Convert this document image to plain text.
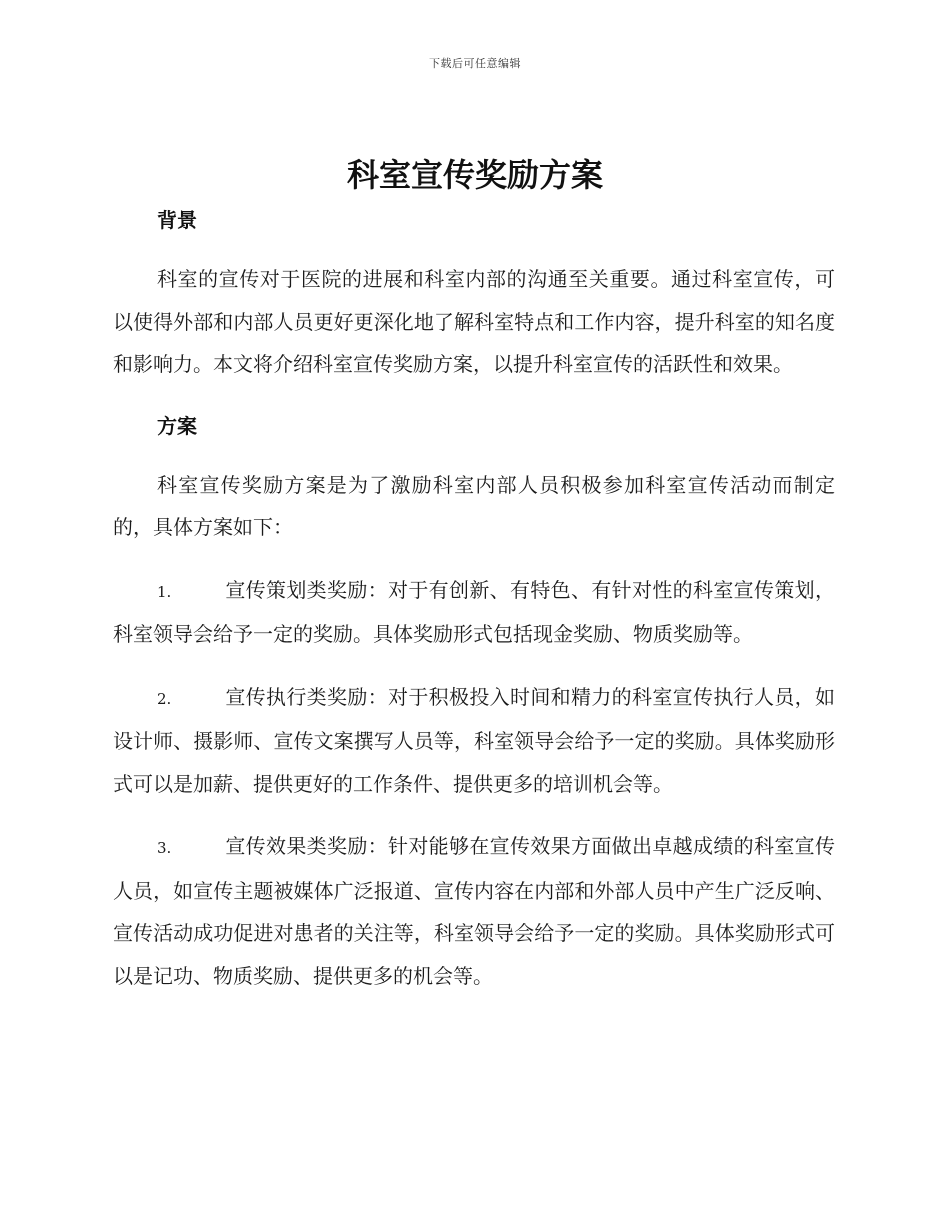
下载后可任意编辑
科室宣传奖励方案
背景

科室的宣传对于医院的进展和科室内部的沟通至关重要。通过科室宣传，可以使得外部和内部人员更好更深化地了解科室特点和工作内容，提升科室的知名度和影响力。本文将介绍科室宣传奖励方案，以提升科室宣传的活跃性和效果。

方案

科室宣传奖励方案是为了激励科室内部人员积极参加科室宣传活动而制定的，具体方案如下：

1.	宣传策划类奖励：对于有创新、有特色、有针对性的科室宣传策划，科室领导会给予一定的奖励。具体奖励形式包括现金奖励、物质奖励等。

2.	宣传执行类奖励：对于积极投入时间和精力的科室宣传执行人员，如设计师、摄影师、宣传文案撰写人员等，科室领导会给予一定的奖励。具体奖励形式可以是加薪、提供更好的工作条件、提供更多的培训机会等。

3.	宣传效果类奖励：针对能够在宣传效果方面做出卓越成绩的科室宣传人员，如宣传主题被媒体广泛报道、宣传内容在内部和外部人员中产生广泛反响、宣传活动成功促进对患者的关注等，科室领导会给予一定的奖励。具体奖励形式可以是记功、物质奖励、提供更多的机会等。
